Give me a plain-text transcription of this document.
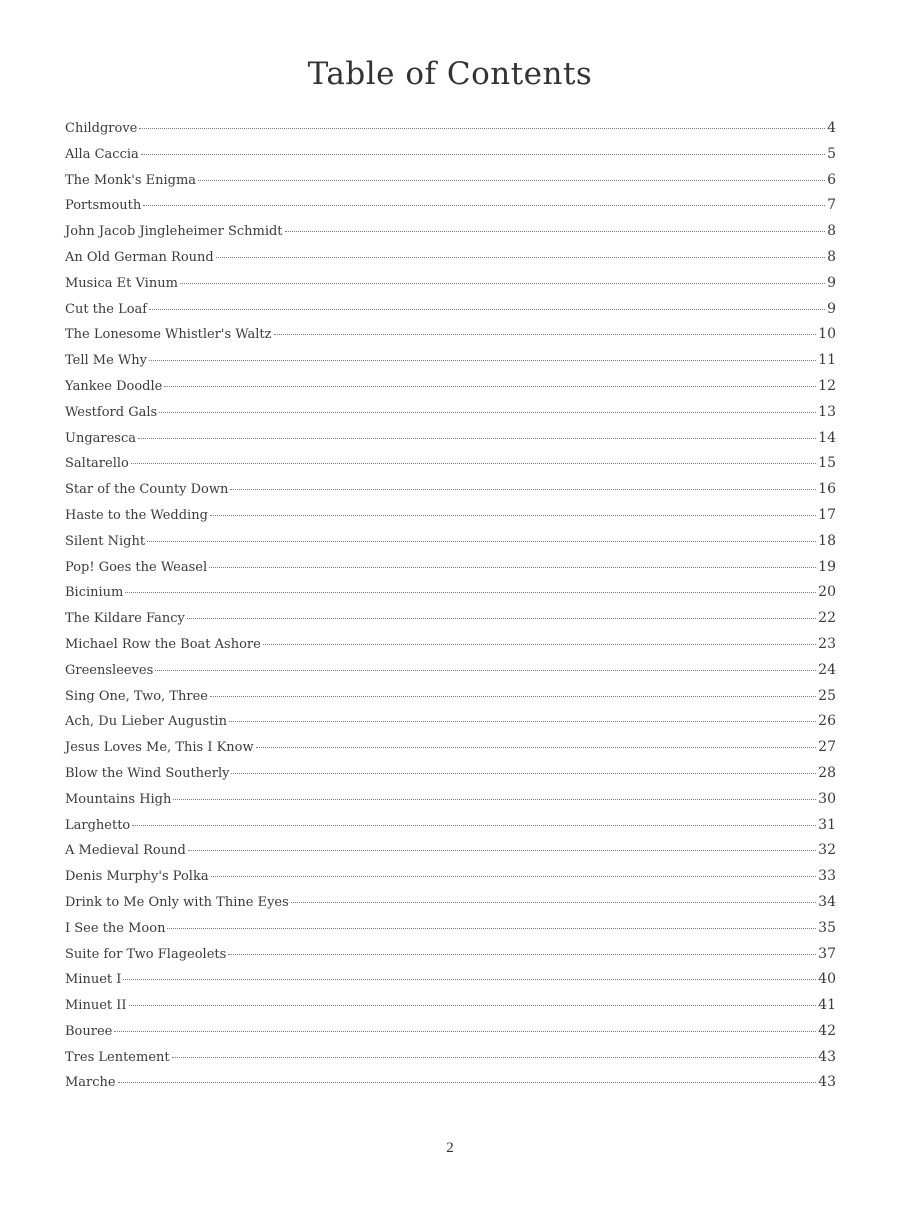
Table of Contents
Childgrove	4
Alla Caccia	5
The Monk's Enigma	6
Portsmouth	7
John Jacob Jingleheimer Schmidt	8
An Old German Round	8
Musica Et Vinum	9
Cut the Loaf	9
The Lonesome Whistler's Waltz	10
Tell Me Why	11
Yankee Doodle	12
Westford Gals	13
Ungaresca	14
Saltarello	15
Star of the County Down	16
Haste to the Wedding	17
Silent Night	18
Pop! Goes the Weasel	19
Bicinium	20
The Kildare Fancy	22
Michael Row the Boat Ashore	23
Greensleeves	24
Sing One, Two, Three	25
Ach, Du Lieber Augustin	26
Jesus Loves Me, This I Know	27
Blow the Wind Southerly	28
Mountains High	30
Larghetto	31
A Medieval Round	32
Denis Murphy's Polka	33
Drink to Me Only with Thine Eyes	34
I See the Moon	35
Suite for Two Flageolets	37
Minuet I	40
Minuet II	41
Bouree	42
Tres Lentement	43
Marche	43
2
